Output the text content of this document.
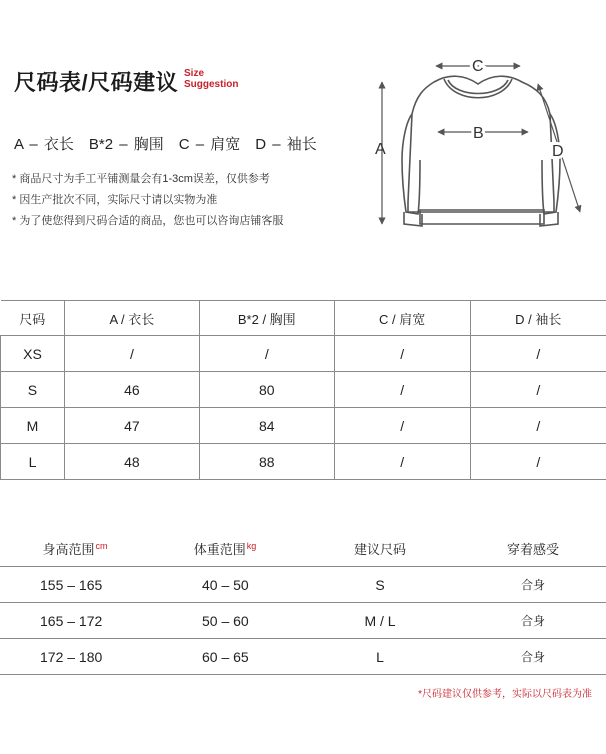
尺码表/尺码建议 Size
Suggestion
A – 衣长　B*2 – 胸围　C – 肩宽　D – 袖长
* 商品尺寸为手工平铺测量会有1-3cm误差，仅供参考
* 因生产批次不同，实际尺寸请以实物为准
* 为了使您得到尺码合适的商品，您也可以咨询店铺客服
A
C
B
D
尺码	A / 衣长	B*2 / 胸围	C / 肩宽	D / 袖长
XS	/	/	/	/
S	46	80	/	/
M	47	84	/	/
L	48	88	/	/
身高范围$^{cm}$	体重范围$^{kg}$	建议尺码	穿着感受
155 – 165	40 – 50	S	合身
165 – 172	50 – 60	M / L	合身
172 – 180	60 – 65	L	合身
*尺码建议仅供参考，实际以尺码表为准
